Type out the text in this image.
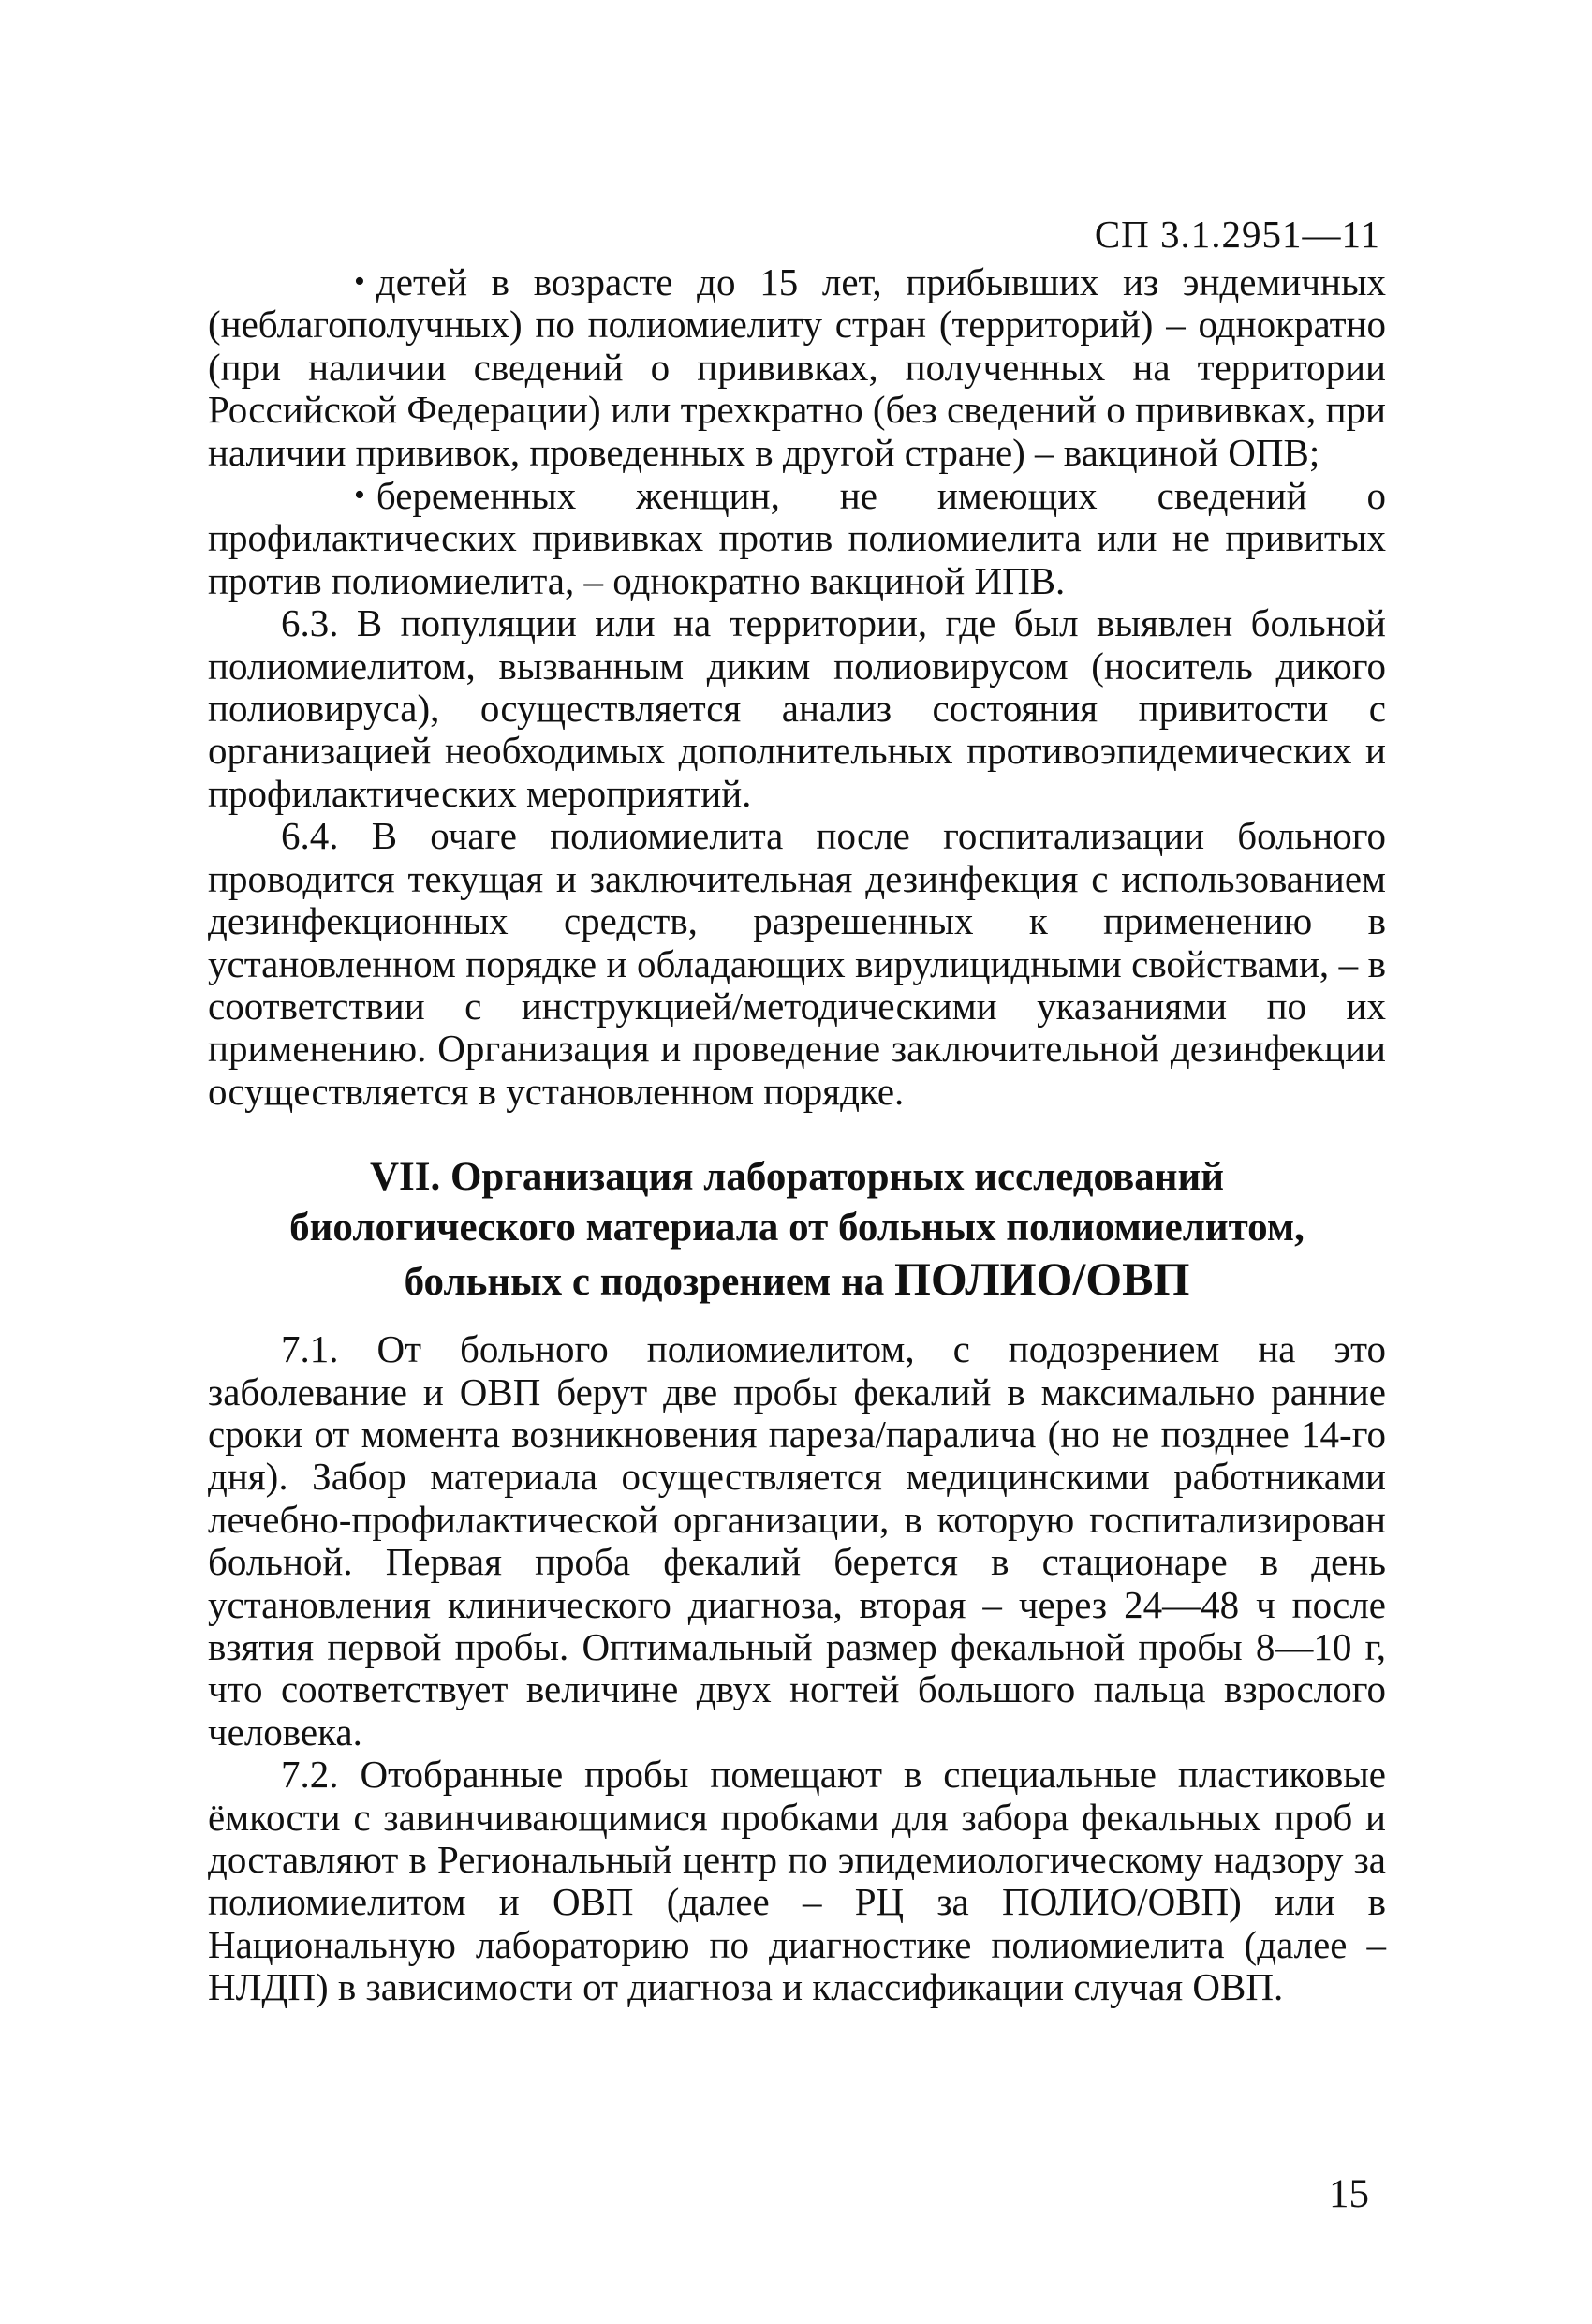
СП 3.1.2951—11

• детей в возрасте до 15 лет, прибывших из эндемичных (неблагополучных) по полиомиелиту стран (территорий) – однократно (при наличии сведений о прививках, полученных на территории Российской Федерации) или трехкратно (без сведений о прививках, при наличии прививок, проведенных в другой стране) – вакциной ОПВ;

• беременных женщин, не имеющих сведений о профилактических прививках против полиомиелита или не привитых против полиомиелита, – однократно вакциной ИПВ.

6.3. В популяции или на территории, где был выявлен больной полиомиелитом, вызванным диким полиовирусом (носитель дикого полиовируса), осуществляется анализ состояния привитости с организацией необходимых дополнительных противоэпидемических и профилактических мероприятий.

6.4. В очаге полиомиелита после госпитализации больного проводится текущая и заключительная дезинфекция с использованием дезинфекционных средств, разрешенных к применению в установленном порядке и обладающих вирулицидными свойствами, – в соответствии с инструкцией/методическими указаниями по их применению. Организация и проведение заключительной дезинфекции осуществляется в установленном порядке.

VII. Организация лабораторных исследований
биологического материала от больных полиомиелитом,
больных с подозрением на ПОЛИО/ОВП

7.1. От больного полиомиелитом, с подозрением на это заболевание и ОВП берут две пробы фекалий в максимально ранние сроки от момента возникновения пареза/паралича (но не позднее 14-го дня). Забор материала осуществляется медицинскими работниками лечебно-профилактической организации, в которую госпитализирован больной. Первая проба фекалий берется в стационаре в день установления клинического диагноза, вторая – через 24—48 ч после взятия первой пробы. Оптимальный размер фекальной пробы 8—10 г, что соответствует величине двух ногтей большого пальца взрослого человека.

7.2. Отобранные пробы помещают в специальные пластиковые ёмкости с завинчивающимися пробками для забора фекальных проб и доставляют в Региональный центр по эпидемиологическому надзору за полиомиелитом и ОВП (далее – РЦ за ПОЛИО/ОВП) или в Национальную лабораторию по диагностике полиомиелита (далее – НЛДП) в зависимости от диагноза и классификации случая ОВП.

15
